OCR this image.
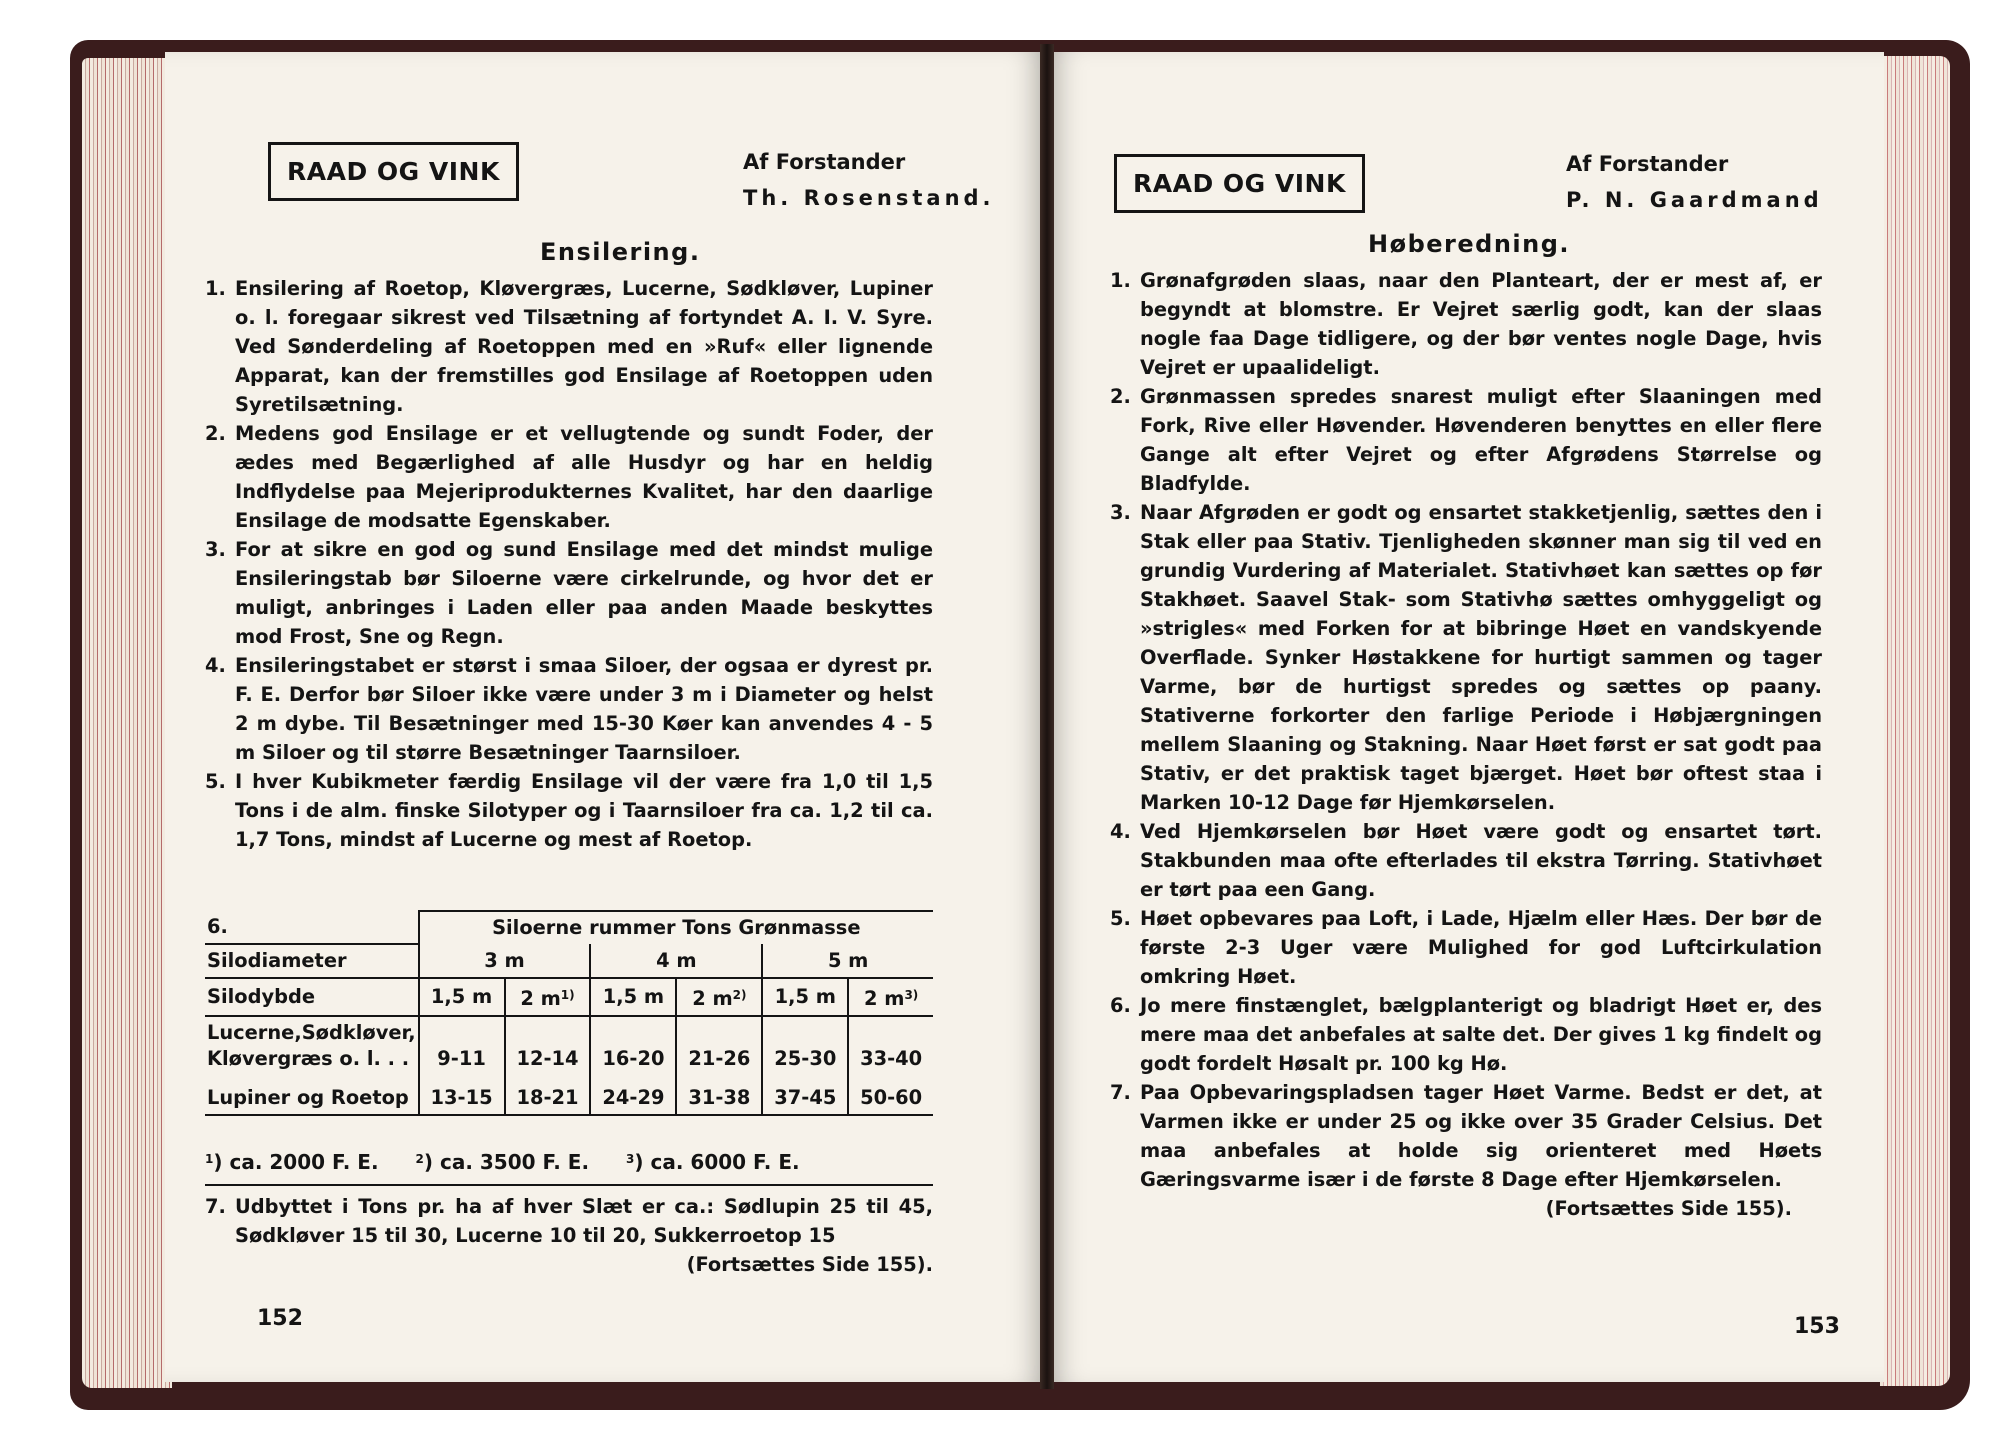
RAAD OG VINK	Af Forstander
Th. Rosenstand.
Ensilering.
1. Ensilering af Roetop, Kløvergræs, Lucerne, Sødkløver, Lupiner o. l. foregaar sikrest ved Tilsætning af fortyndet A. I. V. Syre. Ved Sønderdeling af Roetoppen med en »Ruf« eller lignende Apparat, kan der fremstilles god Ensilage af Roetoppen uden Syretilsætning.
2. Medens god Ensilage er et vellugtende og sundt Foder, der ædes med Begærlighed af alle Husdyr og har en heldig Indflydelse paa Mejeriprodukternes Kvalitet, har den daarlige Ensilage de modsatte Egenskaber.
3. For at sikre en god og sund Ensilage med det mindst mulige Ensileringstab bør Siloerne være cirkelrunde, og hvor det er muligt, anbringes i Laden eller paa anden Maade beskyttes mod Frost, Sne og Regn.
4. Ensileringstabet er størst i smaa Siloer, der ogsaa er dyrest pr. F. E. Derfor bør Siloer ikke være under 3 m i Diameter og helst 2 m dybe. Til Besætninger med 15-30 Køer kan anvendes 4 - 5 m Siloer og til større Besætninger Taarnsiloer.
5. I hver Kubikmeter færdig Ensilage vil der være fra 1,0 til 1,5 Tons i de alm. finske Silotyper og i Taarnsiloer fra ca. 1,2 til ca. 1,7 Tons, mindst af Lucerne og mest af Roetop.
6.	Siloerne rummer Tons Grønmasse					
Silodiameter	3 m		4 m		5 m	
Silodybde	1,5 m	2 $m^{1)}$	1,5 m	2 $m^{2)}$	1,5 m	2 $m^{3)}$

Lucerne,Sødkløver,
Kløvergræs o. l. . .	9-11	12-14	16-20	21-26	25-30	33-40
Lupiner og Roetop	13-15	18-21	24-29	31-38	37-45	50-60
$^1$) ca. 2000 F. E.	$^2$) ca. 3500 F. E.	$^3$) ca. 6000 F. E.
7. Udbyttet i Tons pr. ha af hver Slæt er ca.: Sødlupin 25 til 45, Sødkløver 15 til 30, Lucerne 10 til 20, Sukkerroetop 15
(Fortsættes Side 155).
152
RAAD OG VINK
Af Forstander
P. N. Gaardmand
Høberedning.
1. Grønafgrøden slaas, naar den Planteart, der er mest af, er begyndt at blomstre. Er Vejret særlig godt, kan der slaas nogle faa Dage tidligere, og der bør ventes nogle Dage, hvis Vejret er upaalideligt.
2. Grønmassen spredes snarest muligt efter Slaaningen med Fork, Rive eller Høvender. Høvenderen benyttes en eller flere Gange alt efter Vejret og efter Afgrødens Størrelse og Bladfylde.
3. Naar Afgrøden er godt og ensartet stakketjenlig, sættes den i Stak eller paa Stativ. Tjenligheden skønner man sig til ved en grundig Vurdering af Materialet. Stativhøet kan sættes op før Stakhøet. Saavel Stak- som Stativhø sættes omhyggeligt og »strigles« med Forken for at bibringe Høet en vandskyende Overflade. Synker Høstakkene for hurtigt sammen og tager Varme, bør de hurtigst spredes og sættes op paany. Stativerne forkorter den farlige Periode i Høbjærgningen mellem Slaaning og Stakning. Naar Høet først er sat godt paa Stativ, er det praktisk taget bjærget. Høet bør oftest staa i Marken 10-12 Dage før Hjemkørselen.
4. Ved Hjemkørselen bør Høet være godt og ensartet tørt. Stakbunden maa ofte efterlades til ekstra Tørring. Stativhøet er tørt paa een Gang.
5. Høet opbevares paa Loft, i Lade, Hjælm eller Hæs. Der bør de første 2-3 Uger være Mulighed for god Luftcirkulation omkring Høet.
6. Jo mere finstænglet, bælgplanterigt og bladrigt Høet er, des mere maa det anbefales at salte det. Der gives 1 kg findelt og godt fordelt Høsalt pr. 100 kg Hø.
7. Paa Opbevaringspladsen tager Høet Varme. Bedst er det, at Varmen ikke er under 25 og ikke over 35 Grader Celsius. Det maa anbefales at holde sig orienteret med Høets Gæringsvarme især i de første 8 Dage efter Hjemkørselen.
(Fortsættes Side 155).
153
